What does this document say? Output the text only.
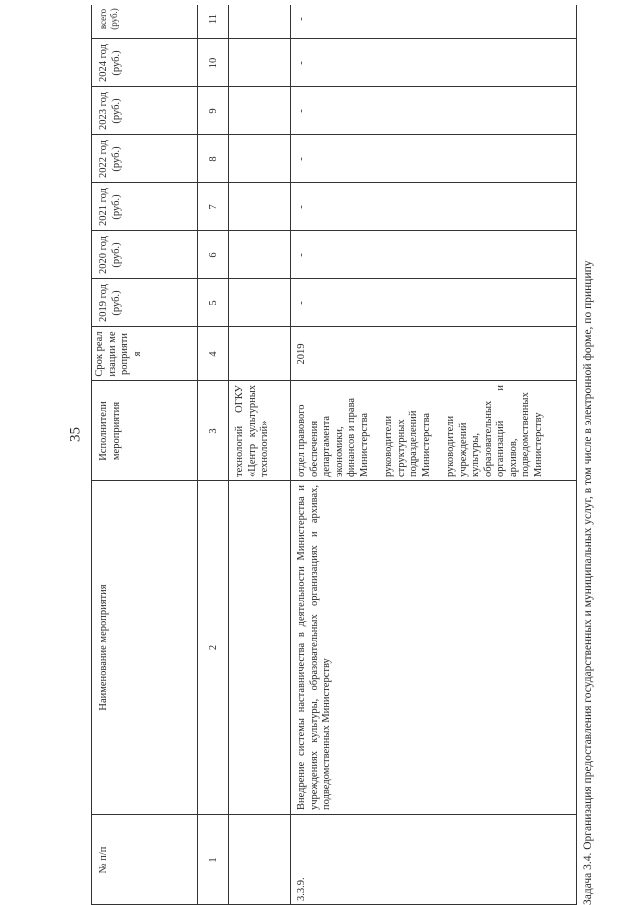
35
№ п/п
Наименование мероприятия
Исполнители мероприятия
Срок реализации мероприятия
2019 год (руб.)
2020 год (руб.)
2021 год (руб.)
2022 год (руб.)
2023 год (руб.)
2024 год (руб.)
всего (руб.)
1
2
3
4
5
6
7
8
9
10
11
технологий ОГКУ «Центр культурных технологий»
3.3.9.
Внедрение системы наставничества в деятельности Министерства и учреждениях культуры, образовательных организациях и архивах, подведомственных Министерству
отдел правового обеспечения департамента экономики, финансов и права Министерства руководители структурных подразделений Министерства руководители учреждений культуры, образовательных организаций и архивов, подведомственных Министерству
2019
-
-
-
-
-
-
-
Задача 3.4. Организация предоставления государственных и муниципальных услуг, в том числе в электронной форме, по принципу
